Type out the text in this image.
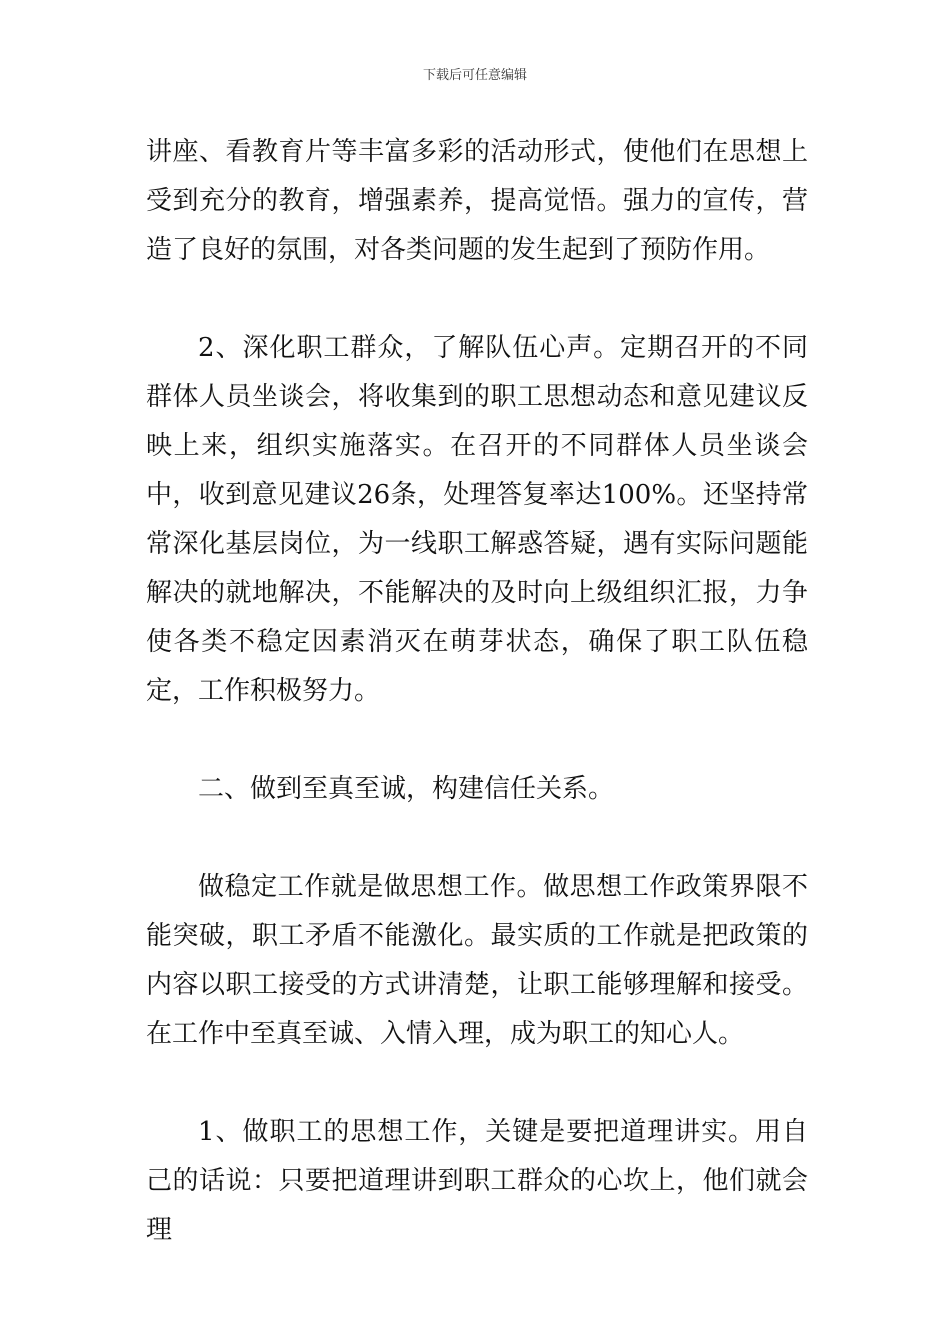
下载后可任意编辑

讲座、看教育片等丰富多彩的活动形式，使他们在思想上受到充分的教育，增强素养，提高觉悟。强力的宣传，营造了良好的氛围，对各类问题的发生起到了预防作用。

2、深化职工群众，了解队伍心声。定期召开的不同群体人员坐谈会，将收集到的职工思想动态和意见建议反映上来，组织实施落实。在召开的不同群体人员坐谈会中，收到意见建议26条，处理答复率达100%。还坚持常常深化基层岗位，为一线职工解惑答疑，遇有实际问题能解决的就地解决，不能解决的及时向上级组织汇报，力争使各类不稳定因素消灭在萌芽状态，确保了职工队伍稳定，工作积极努力。

二、做到至真至诚，构建信任关系。

做稳定工作就是做思想工作。做思想工作政策界限不能突破，职工矛盾不能激化。最实质的工作就是把政策的内容以职工接受的方式讲清楚，让职工能够理解和接受。在工作中至真至诚、入情入理，成为职工的知心人。

1、做职工的思想工作，关键是要把道理讲实。用自己的话说：只要把道理讲到职工群众的心坎上，他们就会理
